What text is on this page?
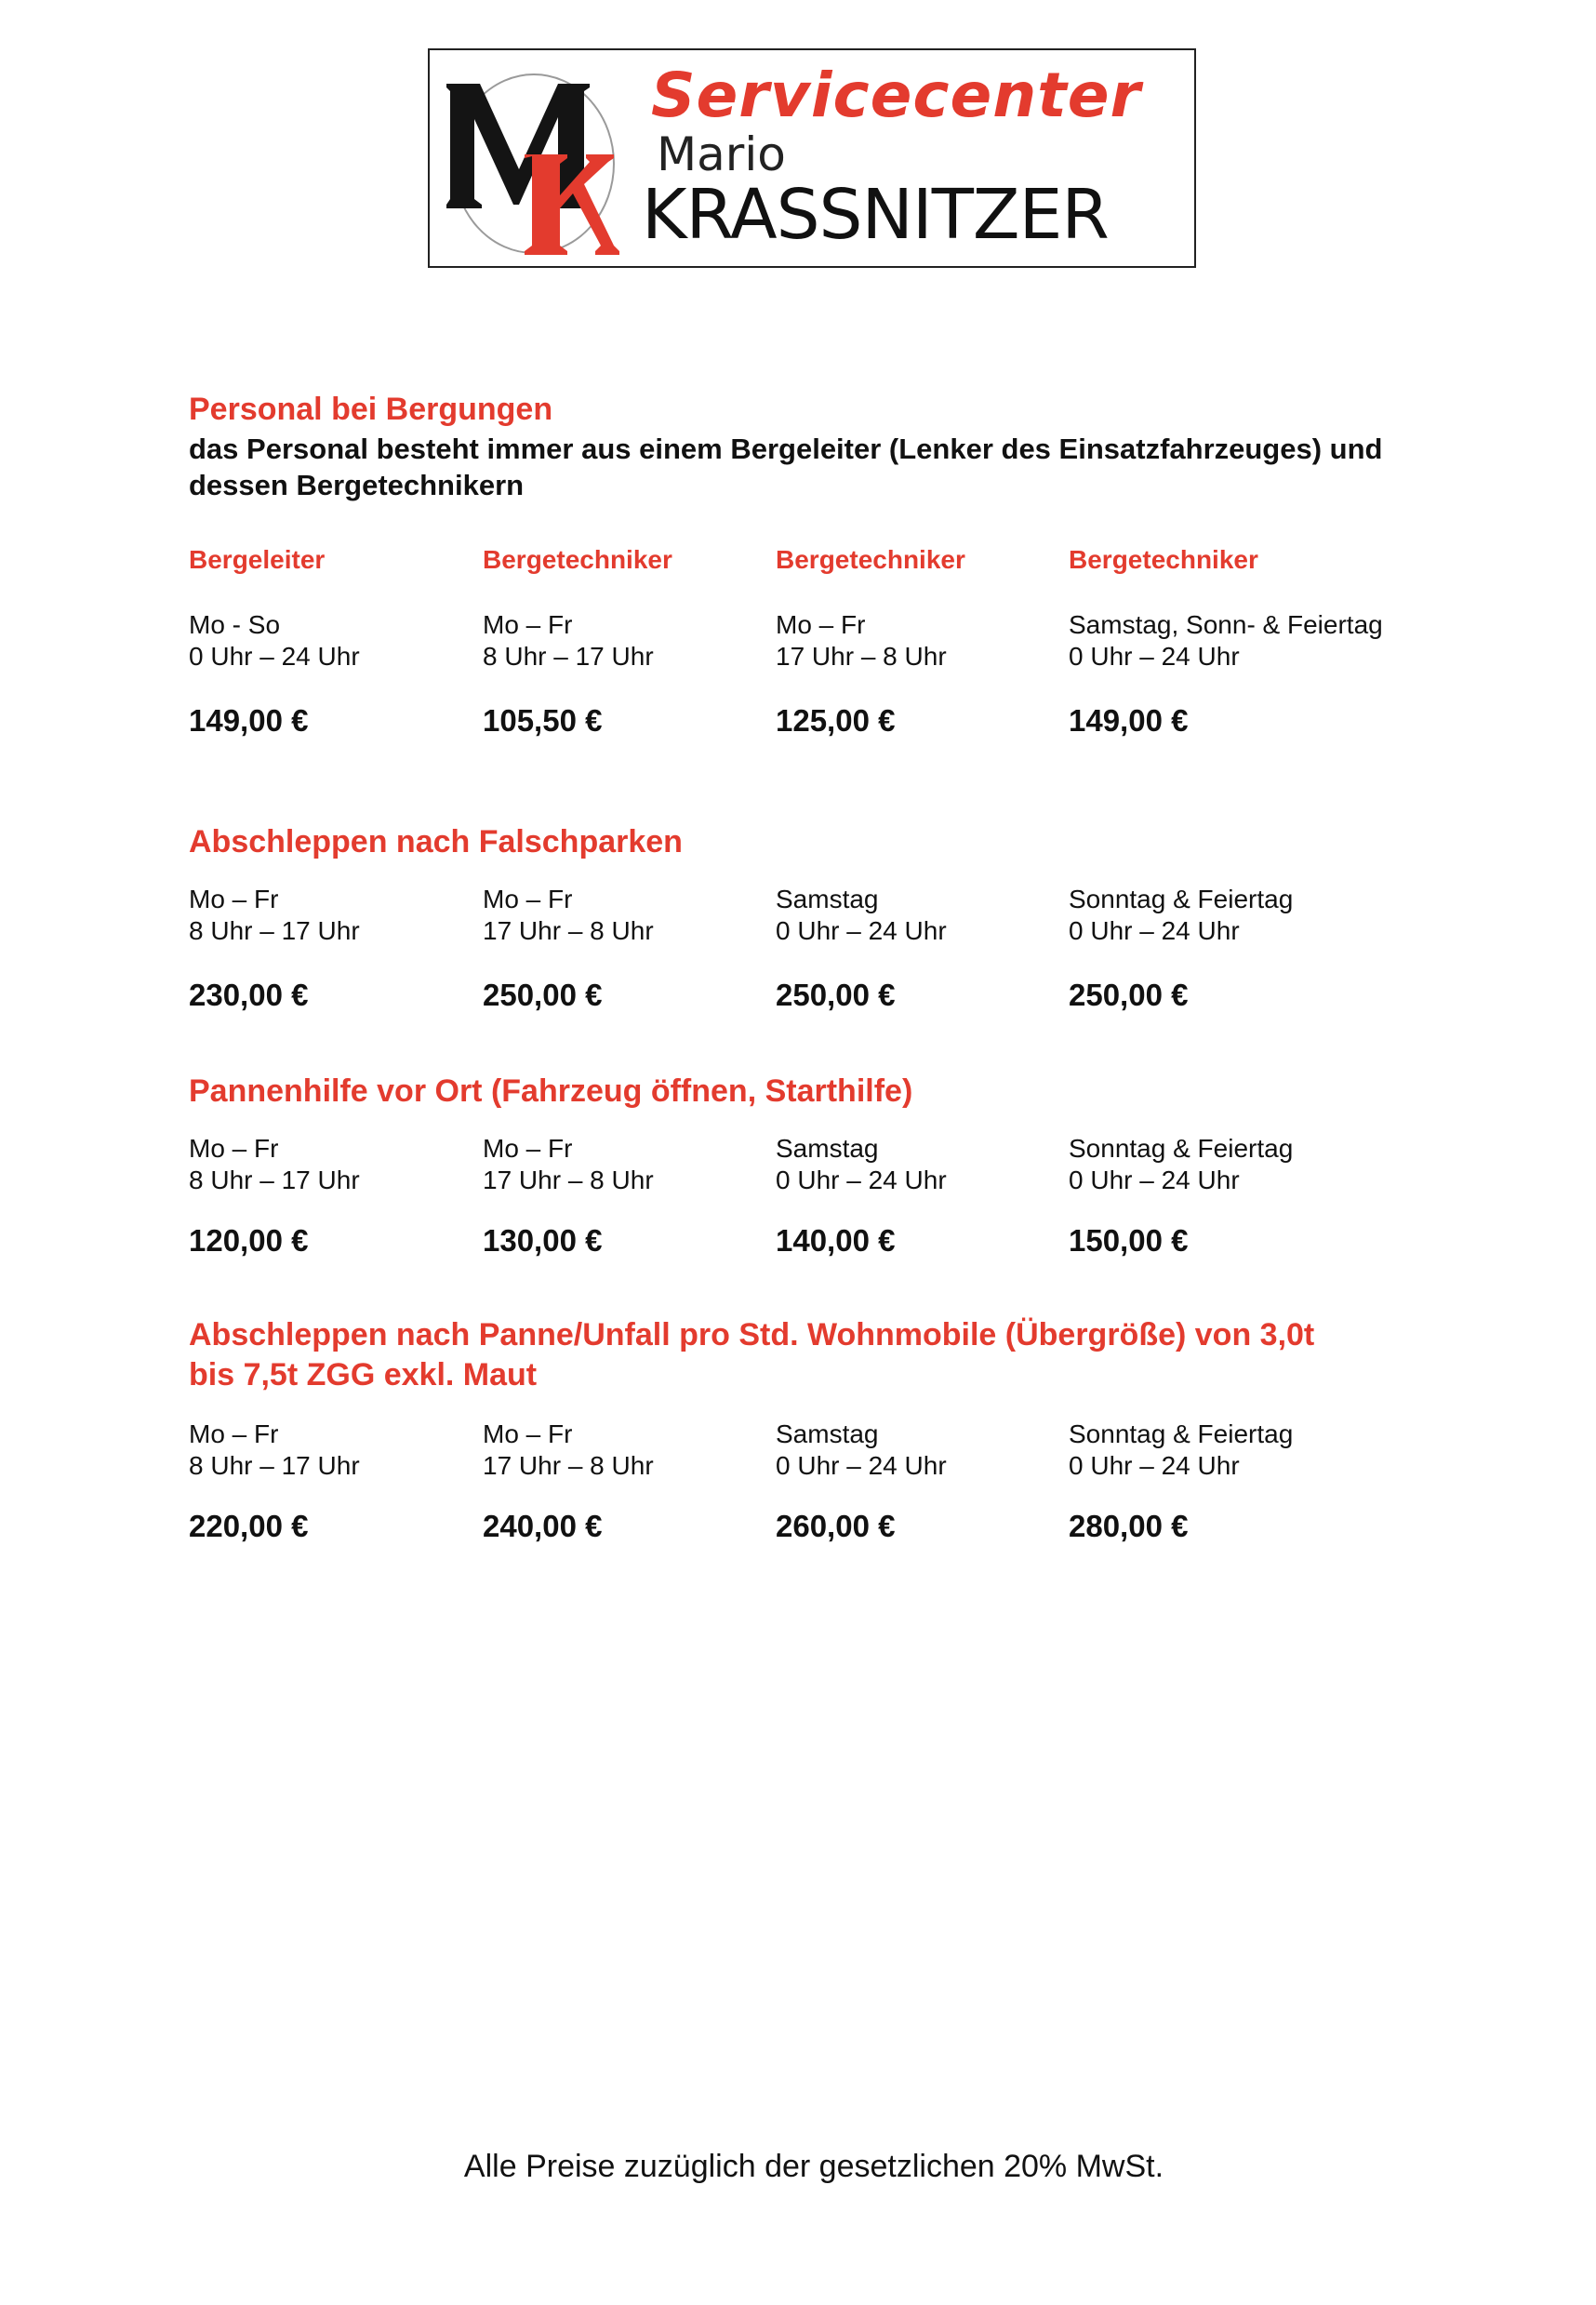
Servicecenter
Mario
KRASSNITZER
Personal bei Bergungen
das Personal besteht immer aus einem Bergeleiter (Lenker des Einsatzfahrzeuges) und dessen Bergetechnikern
Bergeleiter
Mo - So
0 Uhr – 24 Uhr
149,00 €
Bergetechniker
Mo – Fr
8 Uhr – 17 Uhr
105,50 €
Bergetechniker
Mo – Fr
17 Uhr – 8 Uhr
125,00 €
Bergetechniker
Samstag, Sonn- & Feiertag
0 Uhr – 24 Uhr
149,00 €
Abschleppen nach Falschparken
Mo – Fr
8 Uhr – 17 Uhr
230,00 €
Mo – Fr
17 Uhr – 8 Uhr
250,00 €
Samstag
0 Uhr – 24 Uhr
250,00 €
Sonntag & Feiertag
0 Uhr – 24 Uhr
250,00 €
Pannenhilfe vor Ort (Fahrzeug öffnen, Starthilfe)
Mo – Fr
8 Uhr – 17 Uhr
120,00 €
Mo – Fr
17 Uhr – 8 Uhr
130,00 €
Samstag
0 Uhr – 24 Uhr
140,00 €
Sonntag & Feiertag
0 Uhr – 24 Uhr
150,00 €
Abschleppen nach Panne/Unfall pro Std. Wohnmobile (Übergröße) von 3,0t
bis 7,5t ZGG exkl. Maut
Mo – Fr
8 Uhr – 17 Uhr
220,00 €
Mo – Fr
17 Uhr – 8 Uhr
240,00 €
Samstag
0 Uhr – 24 Uhr
260,00 €
Sonntag & Feiertag
0 Uhr – 24 Uhr
280,00 €
Alle Preise zuzüglich der gesetzlichen 20% MwSt.
